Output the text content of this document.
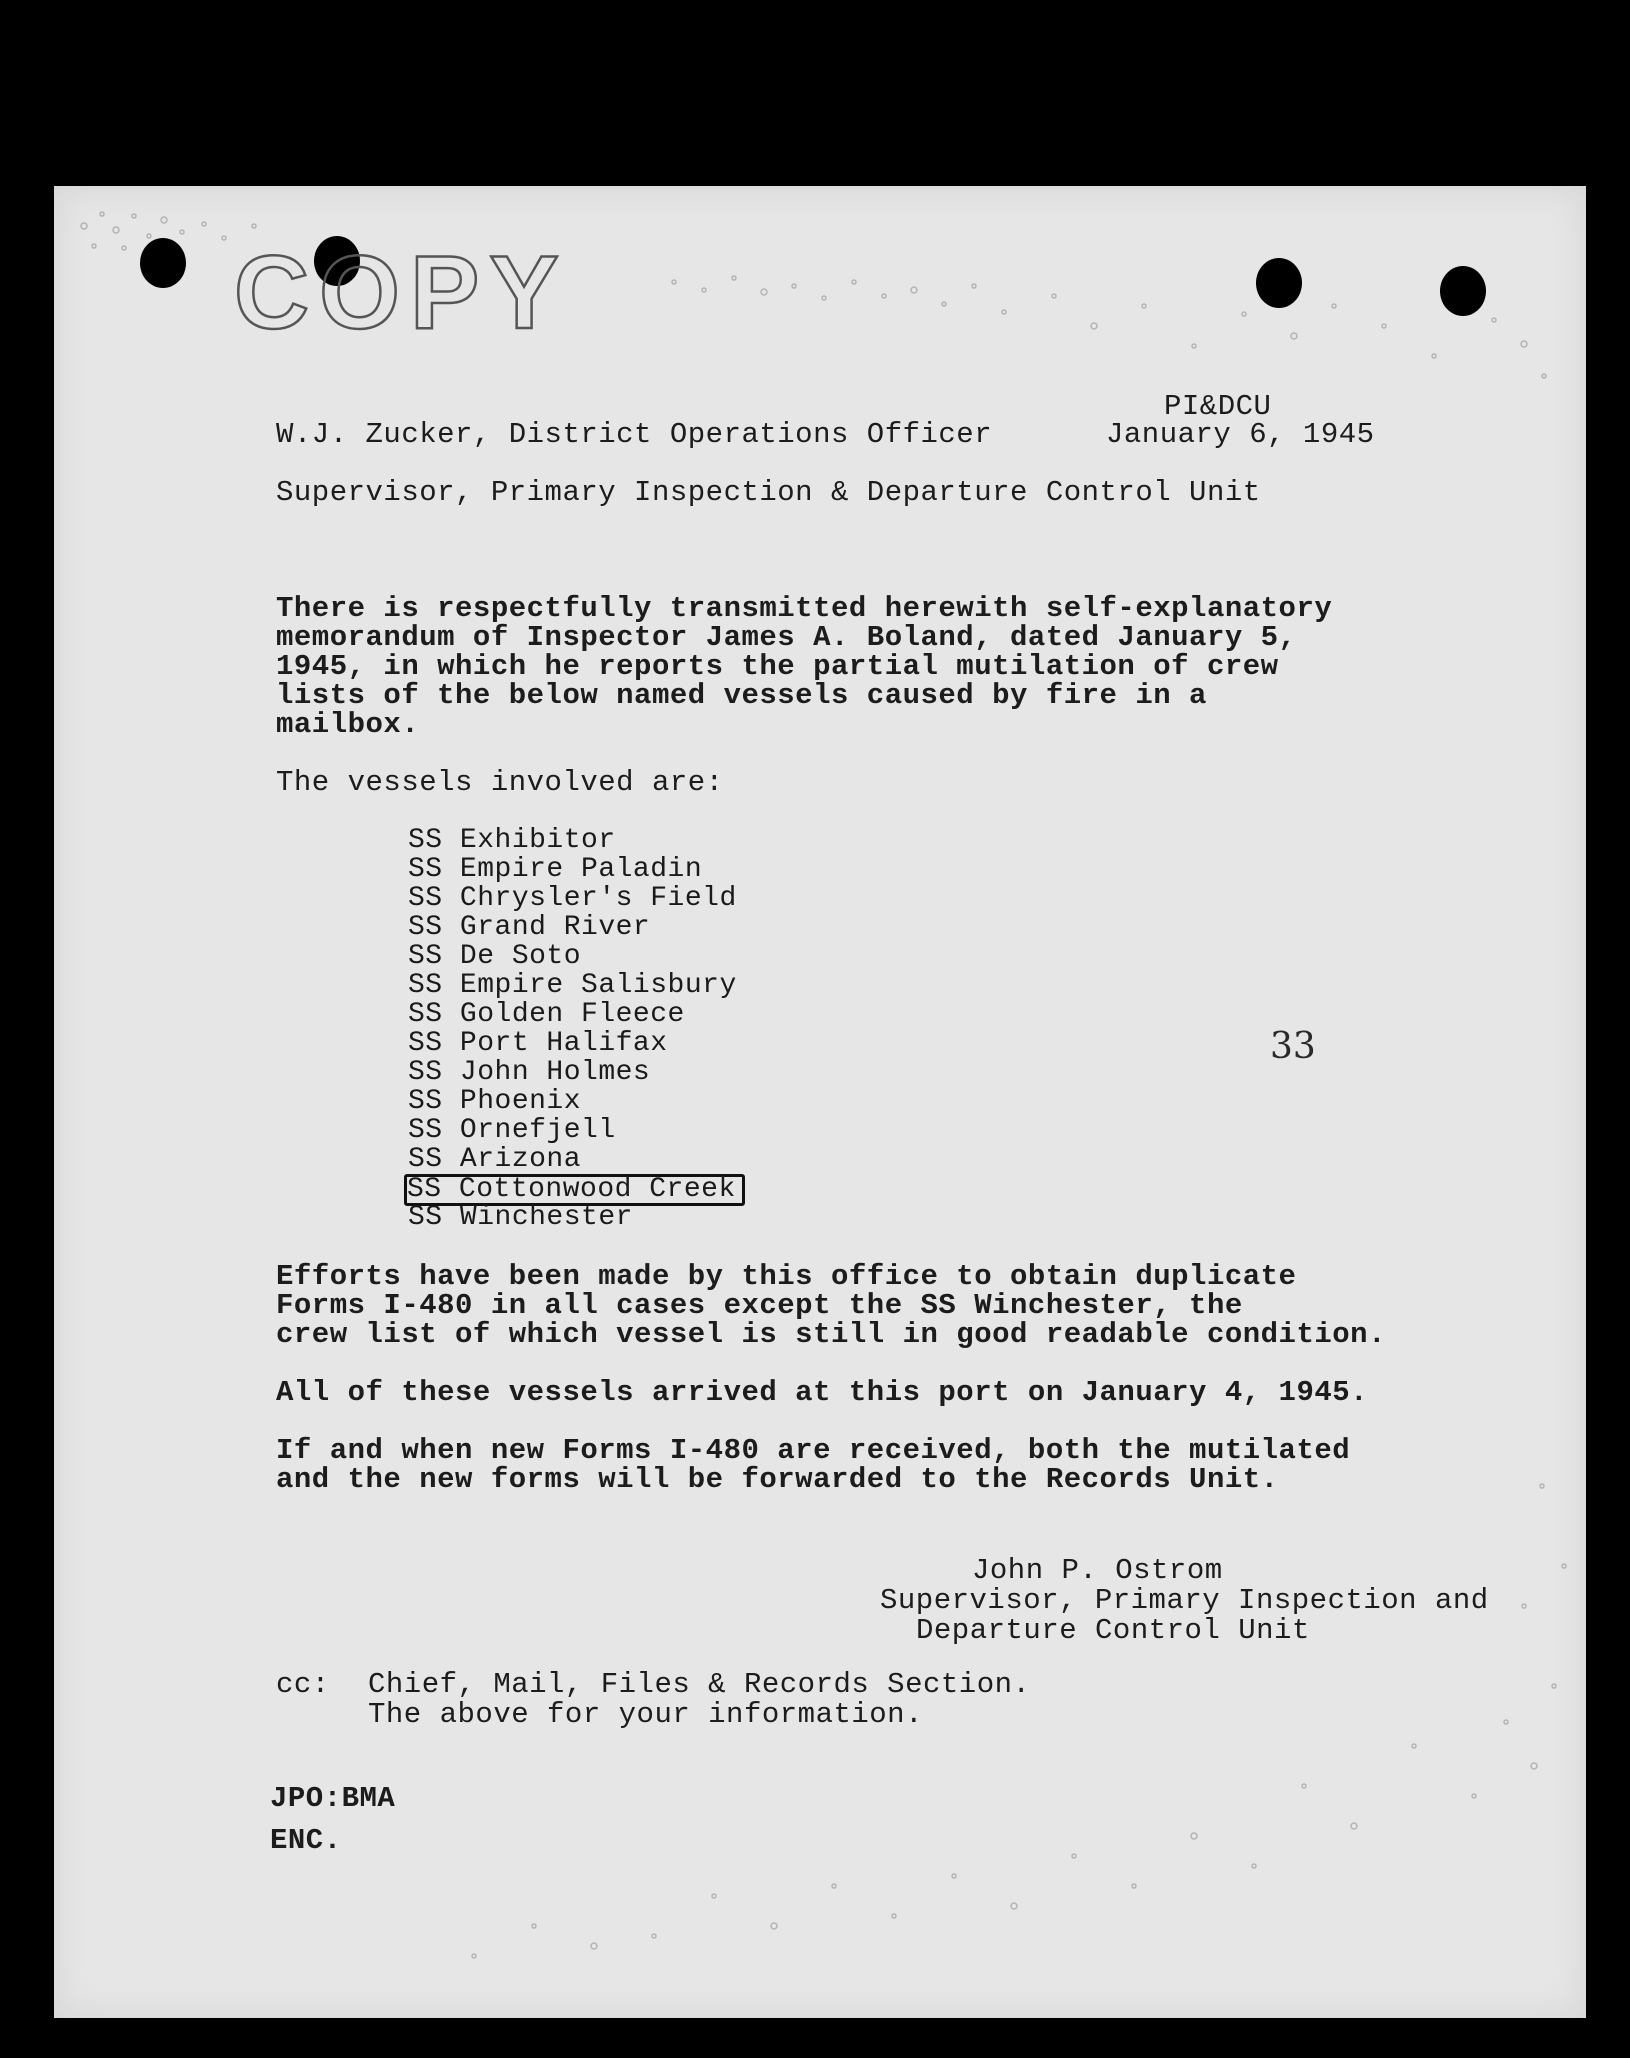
COPY
33
PI&DCU
W.J. Zucker, District Operations Officer	January 6, 1945
Supervisor, Primary Inspection & Departure Control Unit
There is respectfully transmitted herewith self-explanatory
memorandum of Inspector James A. Boland, dated January 5,
1945, in which he reports the partial mutilation of crew
lists of the below named vessels caused by fire in a
mailbox.
The vessels involved are:
SS Exhibitor
SS Empire Paladin
SS Chrysler's Field
SS Grand River
SS De Soto
SS Empire Salisbury
SS Golden Fleece
SS Port Halifax
SS John Holmes
SS Phoenix
SS Ornefjell
SS Arizona
SS Cottonwood Creek
SS Winchester
Efforts have been made by this office to obtain duplicate
Forms I-480 in all cases except the SS Winchester, the
crew list of which vessel is still in good readable condition.
All of these vessels arrived at this port on January 4, 1945.
If and when new Forms I-480 are received, both the mutilated
and the new forms will be forwarded to the Records Unit.
John P. Ostrom
Supervisor, Primary Inspection and
Departure Control Unit
cc: Chief, Mail, Files & Records Section.
The above for your information.
JPO:BMA
ENC.
